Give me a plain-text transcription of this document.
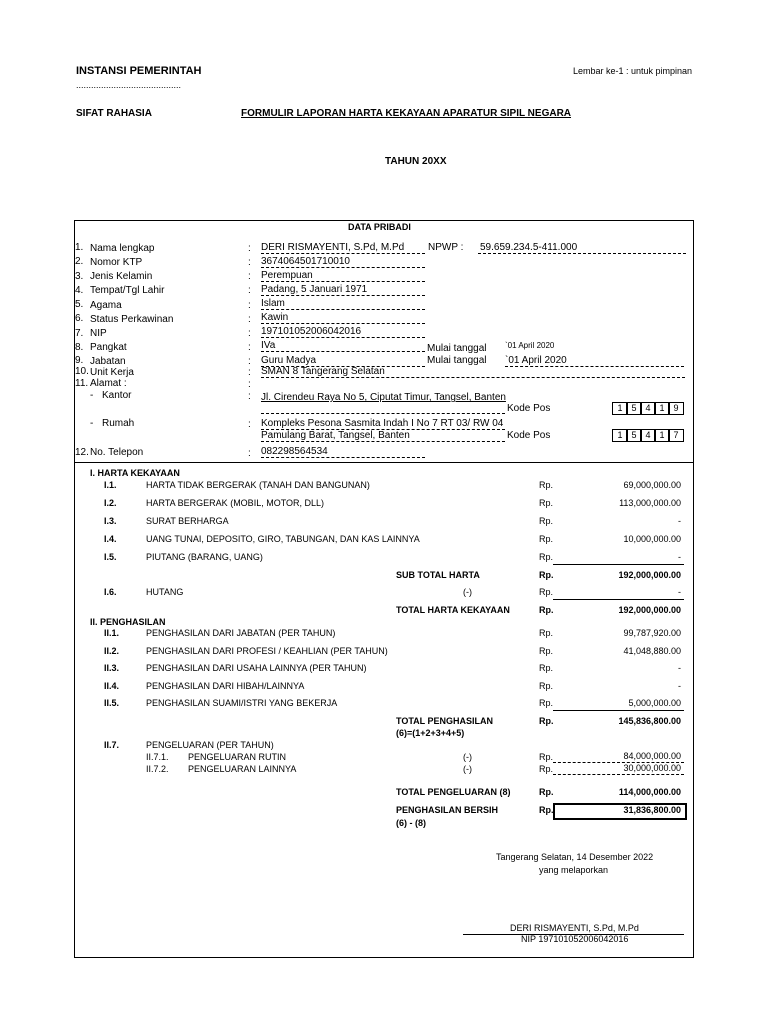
INSTANSI PEMERINTAH
..........................................
Lembar ke-1 : untuk pimpinan
SIFAT RAHASIA	FORMULIR LAPORAN HARTA KEKAYAAN APARATUR SIPIL NEGARA
TAHUN 20XX
DATA PRIBADI
1. Nama lengkap	: DERI RISMAYENTI, S.Pd, M.Pd	NPWP : 59.659.234.5-411.000
2. Nomor KTP	: 3674064501710010
3. Jenis Kelamin	: Perempuan
4. Tempat/Tgl Lahir	: Padang, 5 Januari 1971
5. Agama	: Islam
6. Status Perkawinan	: Kawin
7. NIP	: 197101052006042016
8. Pangkat	: IVa	Mulai tanggal `01 April 2020
9. Jabatan	: Guru Madya	Mulai tanggal `01 April 2020
10. Unit Kerja	: SMAN 8 Tangerang Selatan
11. Alamat :	:
- Kantor	: Jl. Cirendeu Raya No 5, Ciputat Timur, Tangsel, Banten
Kode Pos	1 5 4 1 9
- Rumah	: Kompleks Pesona Sasmita Indah I No 7 RT 03/ RW 04
Pamulang Barat, Tangsel, Banten	Kode Pos	1 5 4 1 7
12. No. Telepon	: 082298564534
I. HARTA KEKAYAAN
I.1.	HARTA TIDAK BERGERAK (TANAH DAN BANGUNAN)	Rp.	69,000,000.00
I.2.	HARTA BERGERAK (MOBIL, MOTOR, DLL)	Rp.	113,000,000.00
I.3.	SURAT BERHARGA	Rp.	-
I.4.	UANG TUNAI, DEPOSITO, GIRO, TABUNGAN, DAN KAS LAINNYA	Rp.	10,000,000.00
I.5.	PIUTANG (BARANG, UANG)	Rp.	-
SUB TOTAL HARTA	Rp.	192,000,000.00
I.6.	HUTANG	(-)	Rp.	-
TOTAL HARTA KEKAYAAN	Rp.	192,000,000.00
II. PENGHASILAN
II.1.	PENGHASILAN DARI JABATAN (PER TAHUN)	Rp.	99,787,920.00
II.2.	PENGHASILAN DARI PROFESI / KEAHLIAN (PER TAHUN)	Rp.	41,048,880.00
II.3.	PENGHASILAN DARI USAHA LAINNYA (PER TAHUN)	Rp.	-
II.4.	PENGHASILAN DARI HIBAH/LAINNYA	Rp.	-
II.5.	PENGHASILAN SUAMI/ISTRI YANG BEKERJA	Rp.	5,000,000.00
TOTAL PENGHASILAN
(6)=(1+2+3+4+5)
Rp.	145,836,800.00
II.7.	PENGELUARAN (PER TAHUN)
II.7.1. PENGELUARAN RUTIN	(-)	Rp.	84,000,000.00
II.7.2. PENGELUARAN LAINNYA	(-)	Rp.	30,000,000.00
TOTAL PENGELUARAN (8)	Rp.	114,000,000.00
PENGHASILAN BERSIH
(6) - (8)
Rp.	31,836,800.00
Tangerang Selatan, 14 Desember 2022
yang melaporkan
DERI RISMAYENTI, S.Pd, M.Pd
NIP 197101052006042016
